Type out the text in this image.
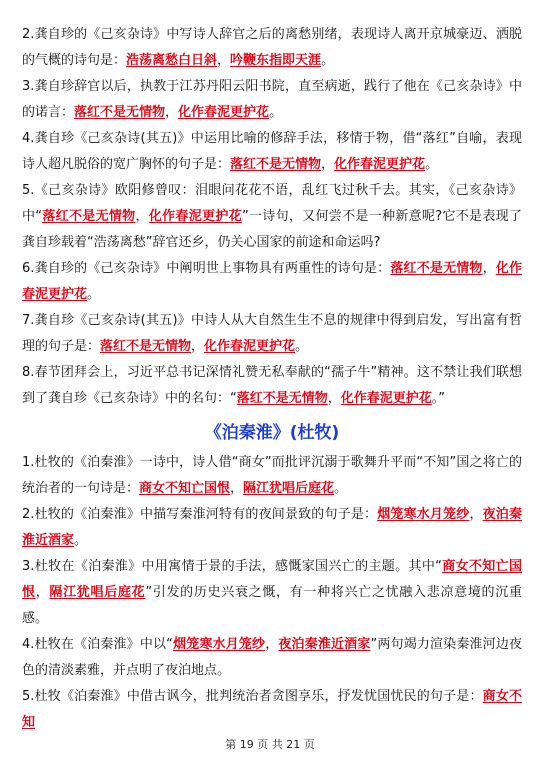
2.龚自珍的《己亥杂诗》中写诗人辞官之后的离愁别绪，表现诗人离开京城豪迈、洒脱的气概的诗句是：浩荡离愁白日斜，吟鞭东指即天涯。

3.龚自珍辞官以后，执教于江苏丹阳云阳书院，直至病逝，践行了他在《己亥杂诗》中的诺言：落红不是无情物，化作春泥更护花。

4.龚自珍《己亥杂诗(其五)》中运用比喻的修辞手法，移情于物，借“落红”自喻，表现诗人超凡脱俗的宽广胸怀的句子是：落红不是无情物，化作春泥更护花。

5.《己亥杂诗》欧阳修曾叹：泪眼问花花不语，乱红飞过秋千去。其实，《己亥杂诗》中“落红不是无情物，化作春泥更护花”一诗句，又何尝不是一种新意呢?它不是表现了龚自珍载着“浩荡离愁”辞官还乡，仍关心国家的前途和命运吗?

6.龚自珍的《己亥杂诗》中阐明世上事物具有两重性的诗句是：落红不是无情物，化作春泥更护花。

7.龚自珍《己亥杂诗(其五)》中诗人从大自然生生不息的规律中得到启发，写出富有哲理的句子是：落红不是无情物，化作春泥更护花。

8.春节团拜会上，习近平总书记深情礼赞无私奉献的“孺子牛”精神。这不禁让我们联想到了龚自珍《己亥杂诗》中的名句：“落红不是无情物，化作春泥更护花。”

《泊秦淮》(杜牧)

1.杜牧的《泊秦淮》一诗中，诗人借“商女”而批评沉溺于歌舞升平而“不知”国之将亡的统治者的一句诗是：商女不知亡国恨，隔江犹唱后庭花。

2.杜牧的《泊秦淮》中描写秦淮河特有的夜间景致的句子是：烟笼寒水月笼纱，夜泊秦淮近酒家。

3.杜牧在《泊秦淮》中用寓情于景的手法，感慨家国兴亡的主题。其中“商女不知亡国恨，隔江犹唱后庭花”引发的历史兴衰之慨，有一种将兴亡之忧融入悲凉意境的沉重感。

4.杜牧在《泊秦淮》中以“烟笼寒水月笼纱，夜泊秦淮近酒家”两句竭力渲染秦淮河边夜色的清淡素雅，并点明了夜泊地点。

5.杜牧《泊秦淮》中借古讽今，批判统治者贪图享乐，抒发忧国忧民的句子是：商女不知

第 19 页 共 21 页
